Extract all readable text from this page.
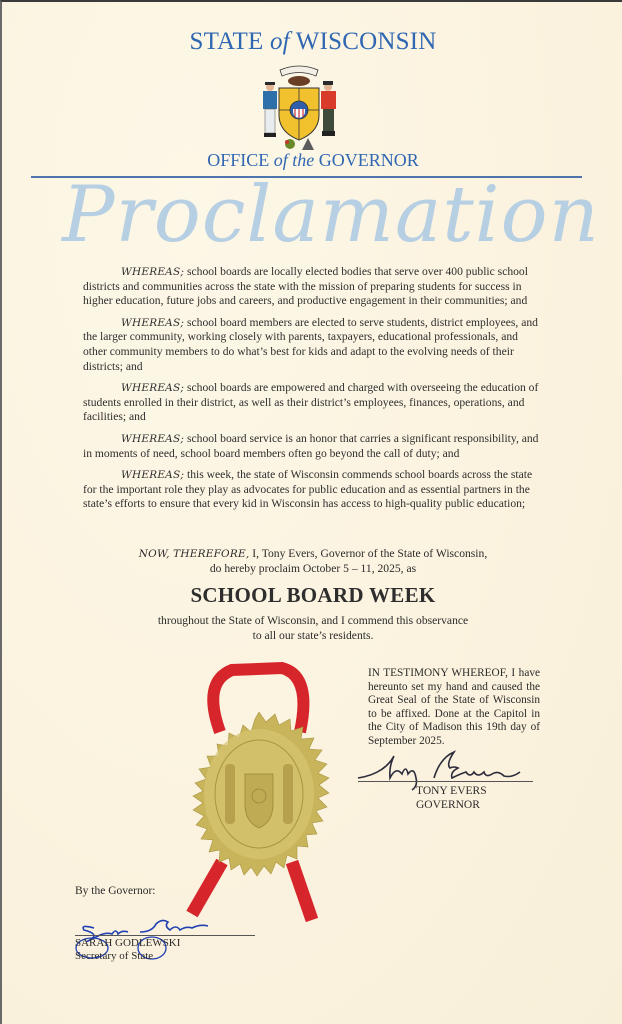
STATE of WISCONSIN
OFFICE of the GOVERNOR
Proclamation

WHEREAS; school boards are locally elected bodies that serve over 400 public school districts and communities across the state with the mission of preparing students for success in higher education, future jobs and careers, and productive engagement in their communities; and

WHEREAS; school board members are elected to serve students, district employees, and the larger community, working closely with parents, taxpayers, educational professionals, and other community members to do what’s best for kids and adapt to the evolving needs of their districts; and

WHEREAS; school boards are empowered and charged with overseeing the education of students enrolled in their district, as well as their district’s employees, finances, operations, and facilities; and

WHEREAS; school board service is an honor that carries a significant responsibility, and in moments of need, school board members often go beyond the call of duty; and

WHEREAS; this week, the state of Wisconsin commends school boards across the state for the important role they play as advocates for public education and as essential partners in the state’s efforts to ensure that every kid in Wisconsin has access to high-quality public education;

NOW, THEREFORE, I, Tony Evers, Governor of the State of Wisconsin,
do hereby proclaim October 5 – 11, 2025, as
SCHOOL BOARD WEEK
throughout the State of Wisconsin, and I commend this observance
to all our state’s residents.
IN TESTIMONY WHEREOF, I have hereunto set my hand and caused the Great Seal of the State of Wisconsin to be affixed. Done at the Capitol in the City of Madison this 19th day of September 2025.
TONY EVERS
GOVERNOR
By the Governor:
SARAH GODLEWSKI
Secretary of State
